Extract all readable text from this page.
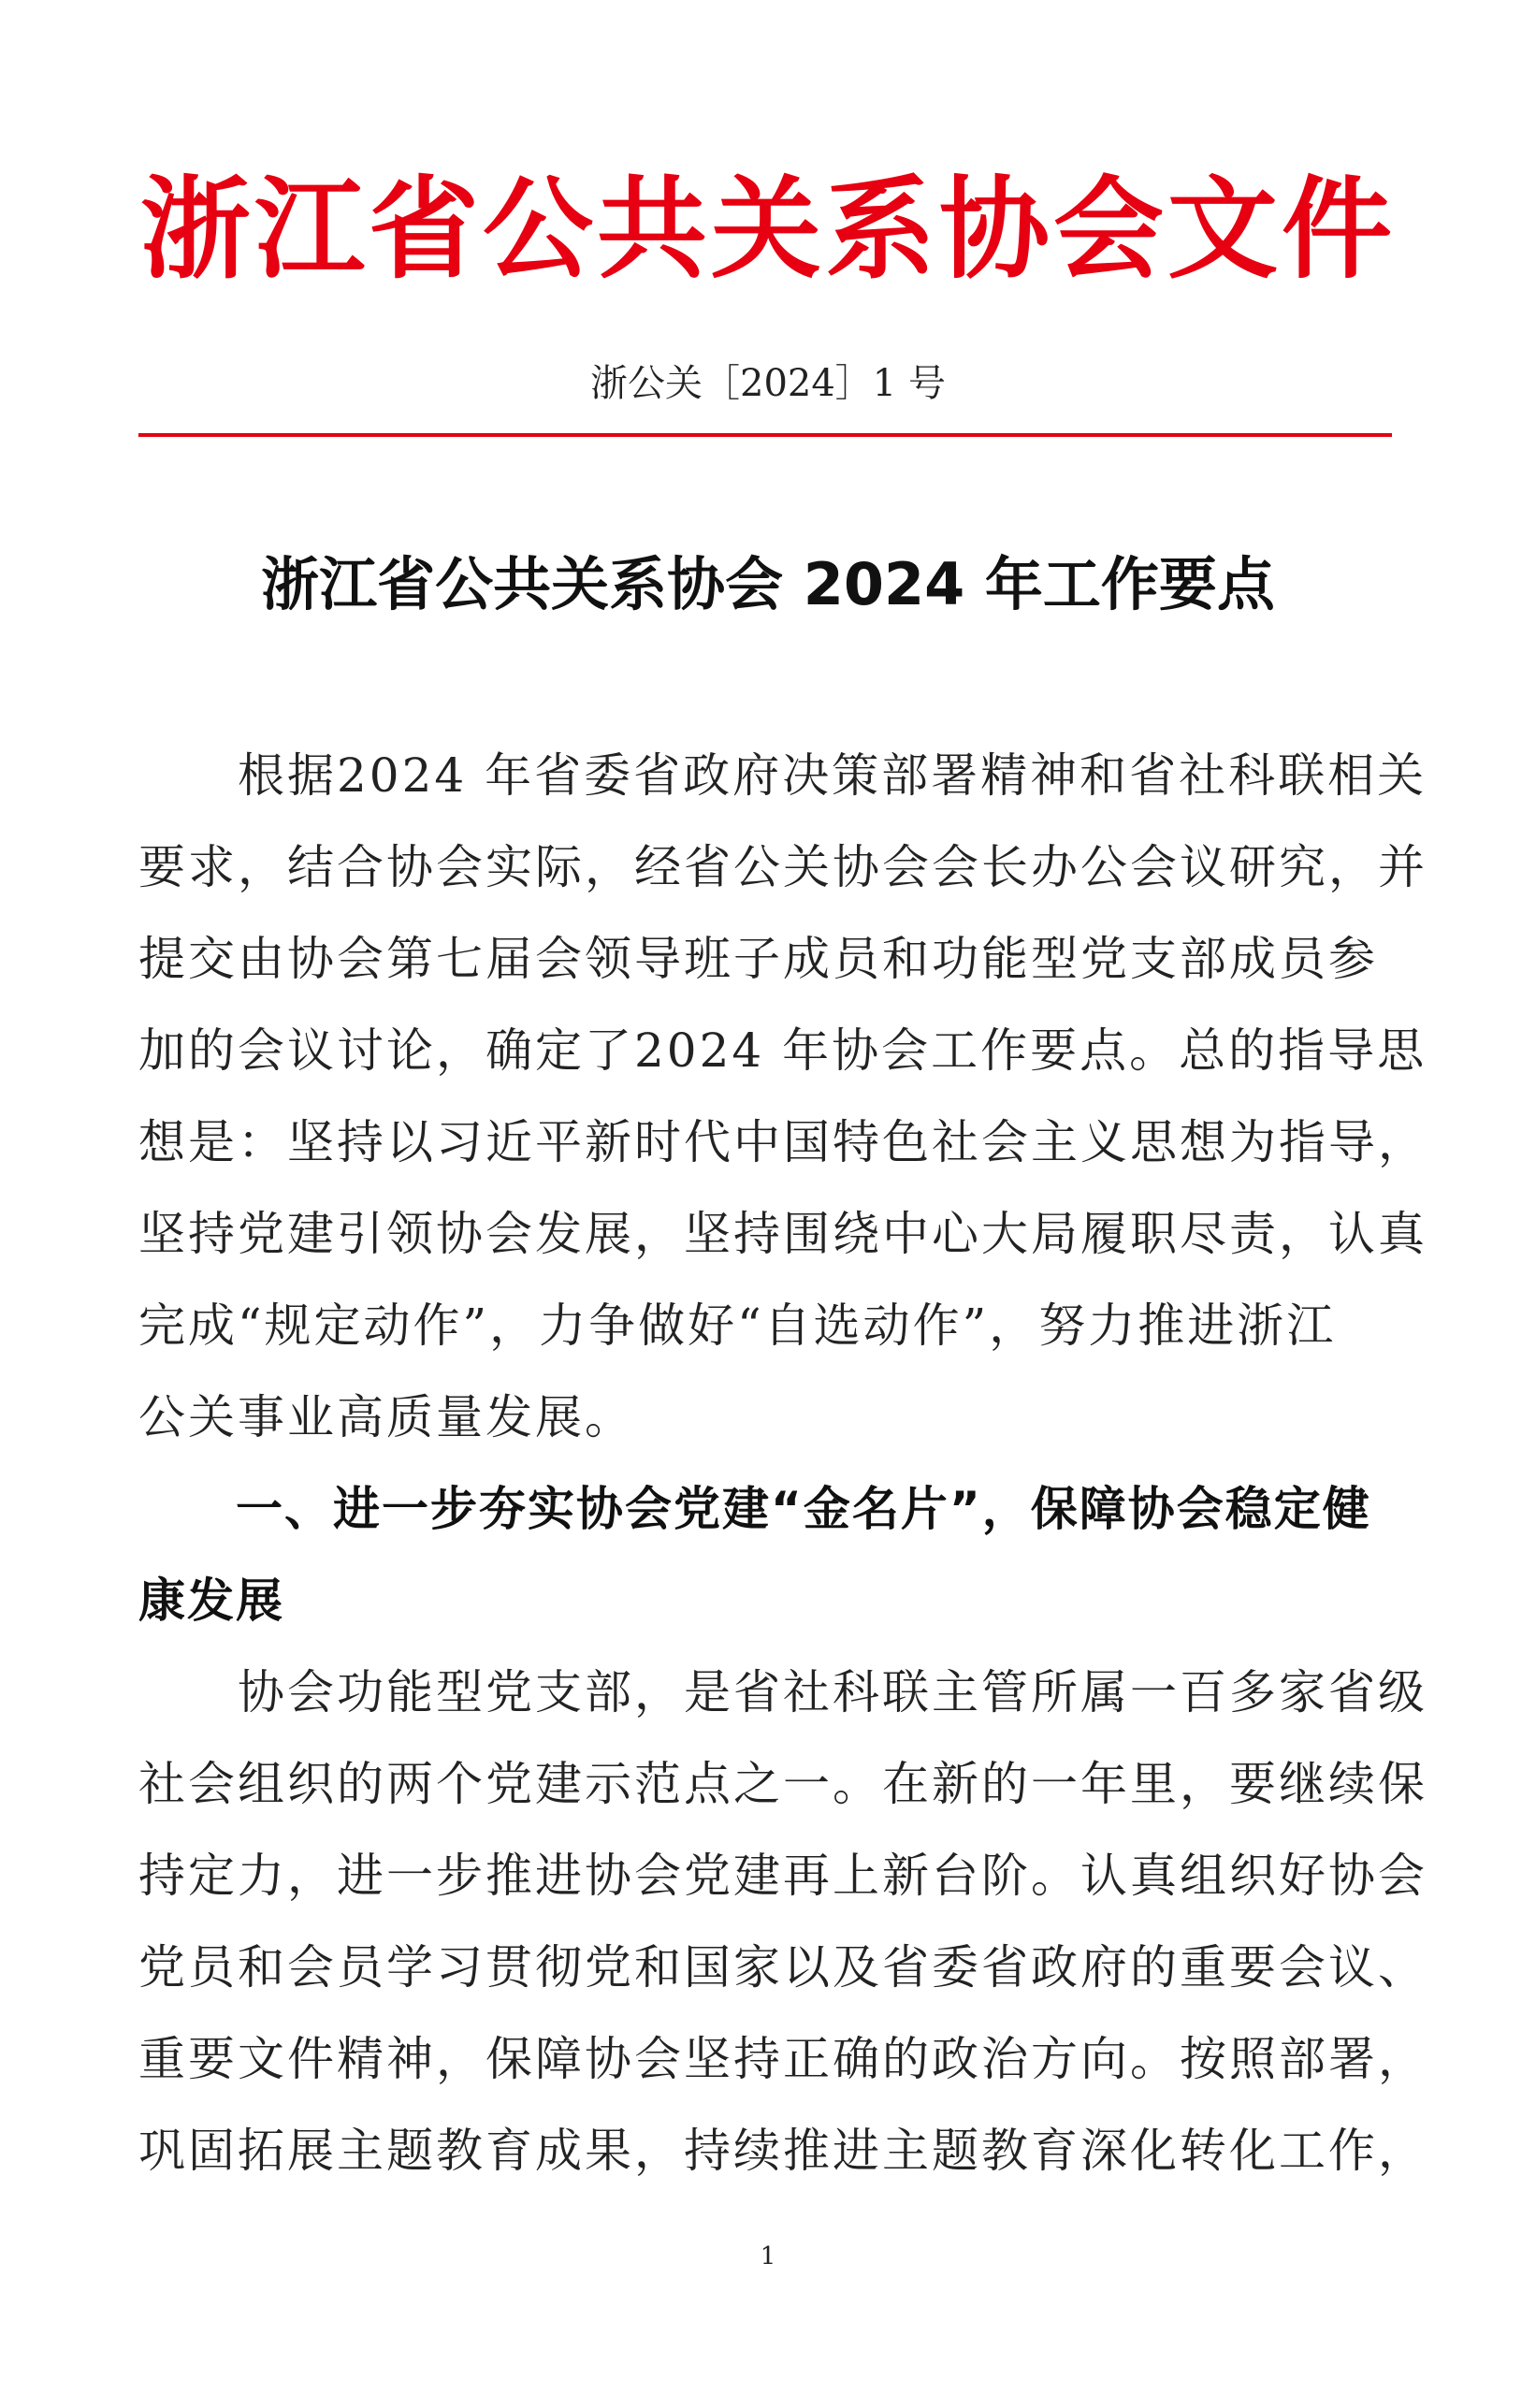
浙江省公共关系协会文件
浙公关［2024］1 号
浙江省公共关系协会 2024 年工作要点
　　根据2024 年省委省政府决策部署精神和省社科联相关
要求，结合协会实际，经省公关协会会长办公会议研究，并
提交由协会第七届会领导班子成员和功能型党支部成员参
加的会议讨论，确定了2024 年协会工作要点。总的指导思
想是：坚持以习近平新时代中国特色社会主义思想为指导，
坚持党建引领协会发展，坚持围绕中心大局履职尽责，认真
完成“规定动作”，力争做好“自选动作”，努力推进浙江
公关事业高质量发展。
　　一、进一步夯实协会党建“金名片”，保障协会稳定健
康发展
　　协会功能型党支部，是省社科联主管所属一百多家省级
社会组织的两个党建示范点之一。在新的一年里，要继续保
持定力，进一步推进协会党建再上新台阶。认真组织好协会
党员和会员学习贯彻党和国家以及省委省政府的重要会议、
重要文件精神，保障协会坚持正确的政治方向。按照部署，
巩固拓展主题教育成果，持续推进主题教育深化转化工作，
1
